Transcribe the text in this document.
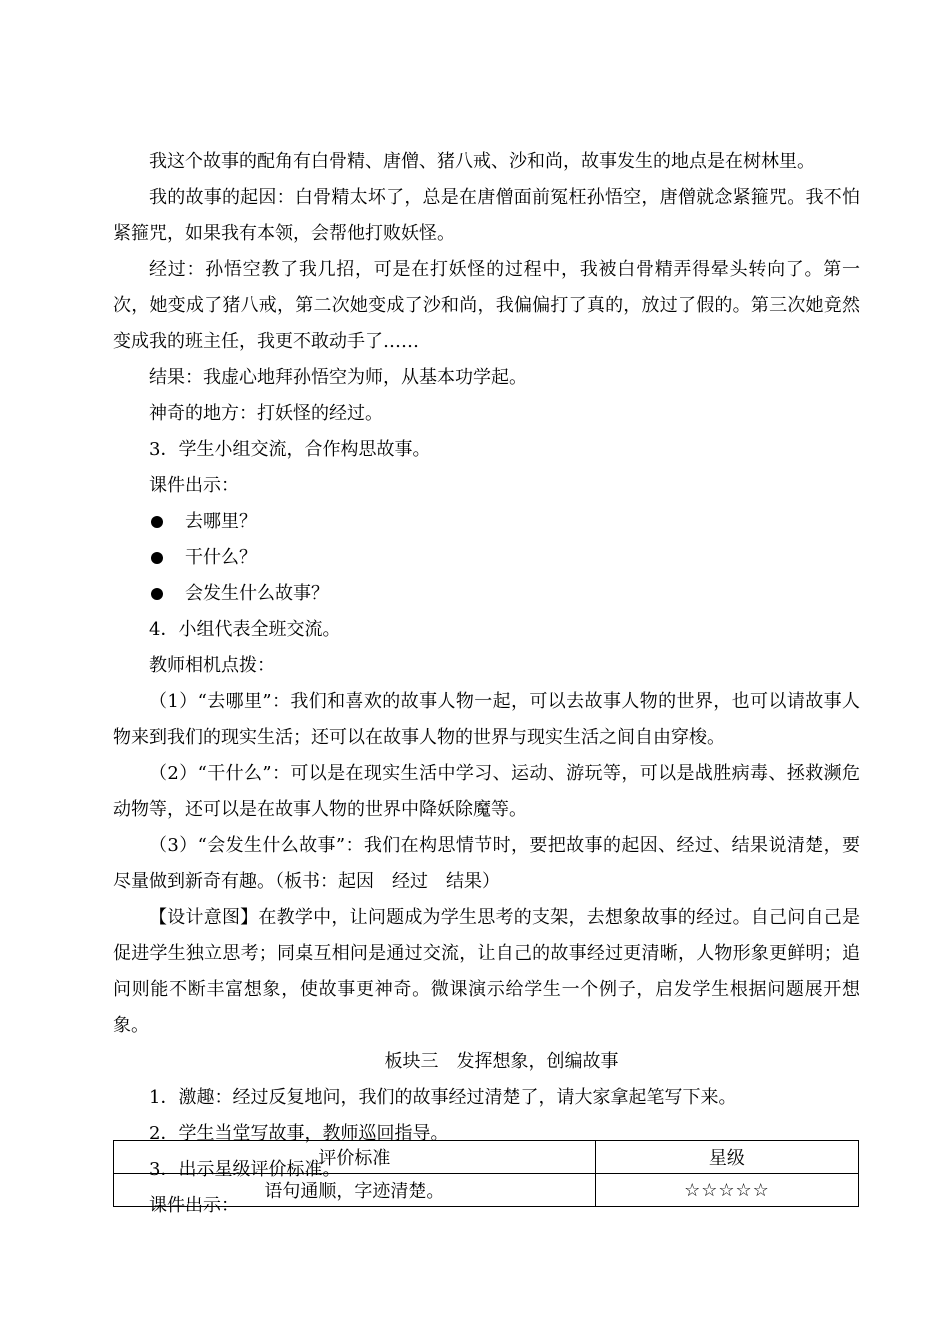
我这个故事的配角有白骨精、唐僧、猪八戒、沙和尚，故事发生的地点是在树林里。

我的故事的起因：白骨精太坏了，总是在唐僧面前冤枉孙悟空，唐僧就念紧箍咒。我不怕紧箍咒，如果我有本领，会帮他打败妖怪。

经过：孙悟空教了我几招，可是在打妖怪的过程中，我被白骨精弄得晕头转向了。第一次，她变成了猪八戒，第二次她变成了沙和尚，我偏偏打了真的，放过了假的。第三次她竟然变成我的班主任，我更不敢动手了……

结果：我虚心地拜孙悟空为师，从基本功学起。

神奇的地方：打妖怪的经过。

3．学生小组交流，合作构思故事。

课件出示：

去哪里？
干什么？
会发生什么故事？

4．小组代表全班交流。

教师相机点拨：

（1）“去哪里”：我们和喜欢的故事人物一起，可以去故事人物的世界，也可以请故事人物来到我们的现实生活；还可以在故事人物的世界与现实生活之间自由穿梭。

（2）“干什么”：可以是在现实生活中学习、运动、游玩等，可以是战胜病毒、拯救濒危动物等，还可以是在故事人物的世界中降妖除魔等。

（3）“会发生什么故事”：我们在构思情节时，要把故事的起因、经过、结果说清楚，要尽量做到新奇有趣。（板书：起因　经过　结果）

【设计意图】在教学中，让问题成为学生思考的支架，去想象故事的经过。自己问自己是促进学生独立思考；同桌互相问是通过交流，让自己的故事经过更清晰，人物形象更鲜明；追问则能不断丰富想象，使故事更神奇。微课演示给学生一个例子，启发学生根据问题展开想象。

板块三　发挥想象，创编故事

1．激趣：经过反复地问，我们的故事经过清楚了，请大家拿起笔写下来。

2．学生当堂写故事，教师巡回指导。

3．出示星级评价标准。

课件出示：

评价标准	星级
语句通顺，字迹清楚。	☆☆☆☆☆
